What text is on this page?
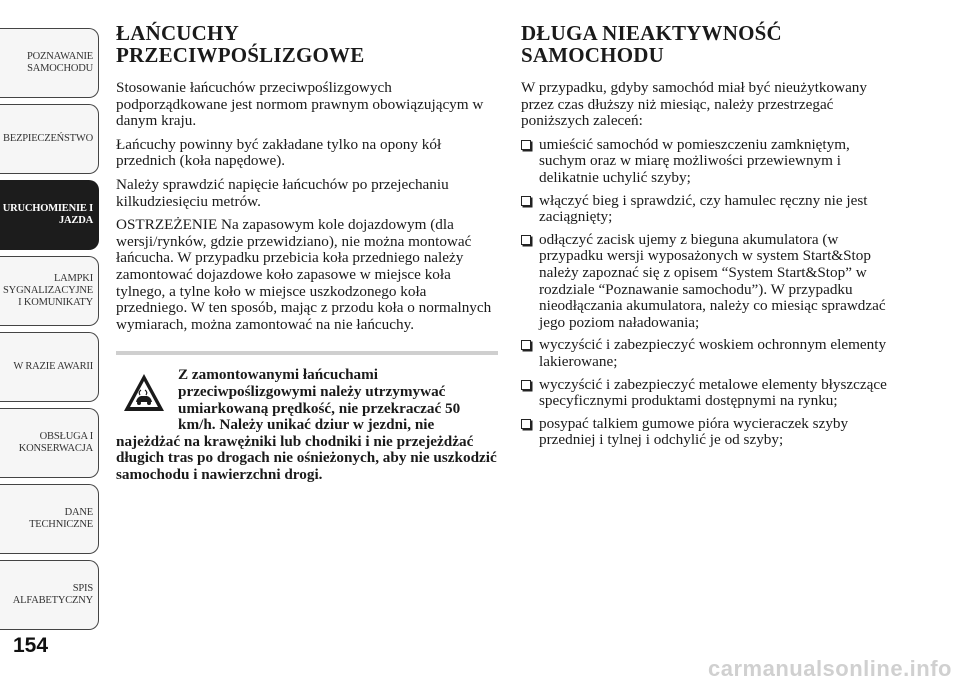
POZNAWANIE
SAMOCHODU
BEZPIECZEŃSTWO
URUCHOMIENIE I
JAZDA
LAMPKI
SYGNALIZACYJNE
I KOMUNIKATY
W RAZIE AWARII
OBSŁUGA I
KONSERWACJA
DANE
TECHNICZNE
SPIS
ALFABETYCZNY
154
ŁAŃCUCHY
PRZECIWPOŚLIZGOWE

Stosowanie łańcuchów przeciwpoślizgowych podporządkowane jest normom prawnym obowiązującym w danym kraju.

Łańcuchy powinny być zakładane tylko na opony kół przednich (koła napędowe).

Należy sprawdzić napięcie łańcuchów po przejechaniu kilkudziesięciu metrów.

OSTRZEŻENIE Na zapasowym kole dojazdowym (dla wersji/rynków, gdzie przewidziano), nie można montować łańcucha. W przypadku przebicia koła przedniego należy zamontować dojazdowe koło zapasowe w miejsce koła tylnego, a tylne koło w miejsce uszkodzonego koła przedniego. W ten sposób, mając z przodu koła o normalnych wymiarach, można zamontować na nie łańcuchy.

Z zamontowanymi łańcuchami przeciwpoślizgowymi należy utrzymywać umiarkowaną prędkość, nie przekraczać 50 km/h. Należy unikać dziur w jezdni, nie najeżdżać na krawężniki lub chodniki i nie przejeżdżać długich tras po drogach nie ośnieżonych, aby nie uszkodzić samochodu i nawierzchni drogi.

DŁUGA NIEAKTYWNOŚĆ
SAMOCHODU

W przypadku, gdyby samochód miał być nieużytkowany przez czas dłuższy niż miesiąc, należy przestrzegać poniższych zaleceń:

umieścić samochód w pomieszczeniu zamkniętym, suchym oraz w miarę możliwości przewiewnym i delikatnie uchylić szyby;
włączyć bieg i sprawdzić, czy hamulec ręczny nie jest zaciągnięty;
odłączyć zacisk ujemy z bieguna akumulatora (w przypadku wersji wyposażonych w system Start&Stop należy zapoznać się z opisem “System Start&Stop” w rozdziale “Poznawanie samochodu”). W przypadku nieodłączania akumulatora, należy co miesiąc sprawdzać jego poziom naładowania;
wyczyścić i zabezpieczyć woskiem ochronnym elementy lakierowane;
wyczyścić i zabezpieczyć metalowe elementy błyszczące specyficznymi produktami dostępnymi na rynku;
posypać talkiem gumowe pióra wycieraczek szyby przedniej i tylnej i odchylić je od szyby;
carmanualsonline.info
